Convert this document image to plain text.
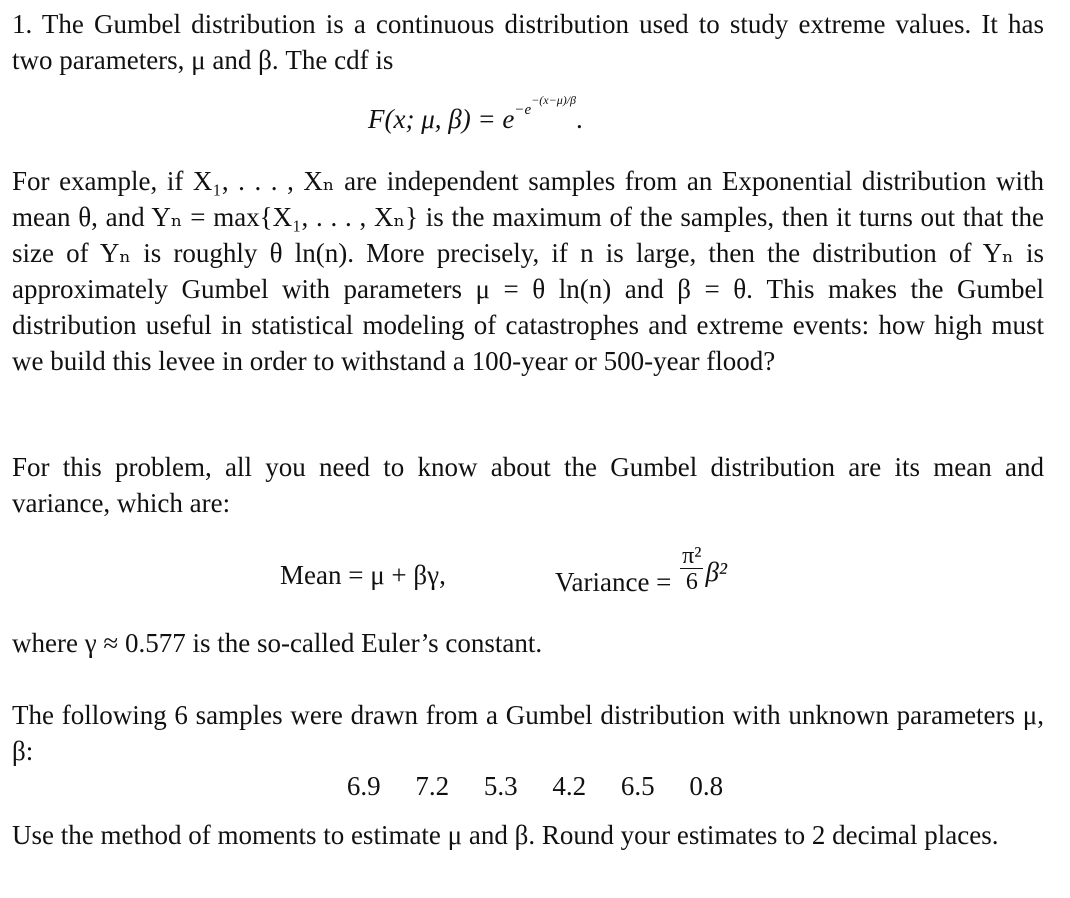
1. The Gumbel distribution is a continuous distribution used to study extreme values. It has two parameters, μ and β. The cdf is

F(x; μ, $\beta) = e^{-e-(x-\mu)/\beta}$.

For example, if X₁, . . . , Xₙ are independent samples from an Exponential distribution with mean θ, and Yₙ = max{X₁, . . . , Xₙ} is the maximum of the samples, then it turns out that the size of Yₙ is roughly θ ln(n). More precisely, if n is large, then the distribution of Yₙ is approximately Gumbel with parameters μ = θ ln(n) and β = θ. This makes the Gumbel distribution useful in statistical modeling of catastrophes and extreme events: how high must we build this levee in order to withstand a 100-year or 500-year flood?

For this problem, all you need to know about the Gumbel distribution are its mean and variance, which are:

Mean = μ + βγ,	Variance = $\frac{\text{π²}}{6} \beta^2$

where γ ≈ 0.577 is the so-called Euler’s constant.

The following 6 samples were drawn from a Gumbel distribution with unknown parameters μ, β:

6.9 7.2 5.3 4.2 6.5 0.8

Use the method of moments to estimate μ and β. Round your estimates to 2 decimal places.
